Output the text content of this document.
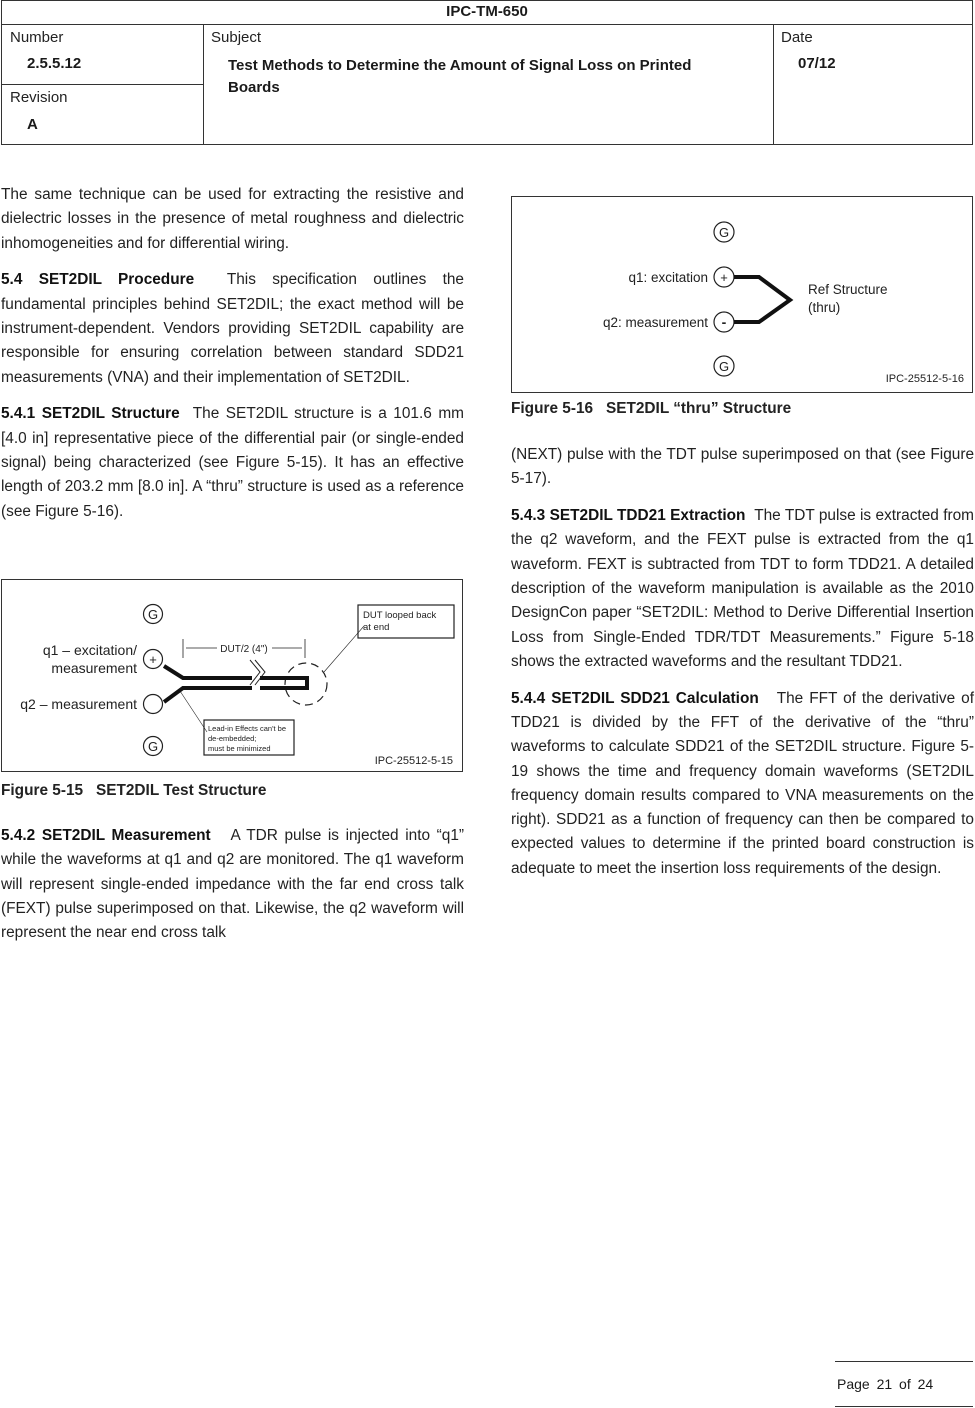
IPC-TM-650
Number
2.5.5.12
Revision
A
Subject
Test Methods to Determine the Amount of Signal Loss on Printed Boards
Date
07/12

The same technique can be used for extracting the resistive and dielectric losses in the presence of metal roughness and dielectric inhomogeneities and for differential wiring.

5.4 SET2DIL Procedure This specification outlines the fundamental principles behind SET2DIL; the exact method will be instrument-dependent. Vendors providing SET2DIL capability are responsible for ensuring correlation between standard SDD21 measurements (VNA) and their implementation of SET2DIL.

5.4.1 SET2DIL Structure The SET2DIL structure is a 101.6 mm [4.0 in] representative piece of the differential pair (or single-ended signal) being characterized (see Figure 5-15). It has an effective length of 203.2 mm [8.0 in]. A “thru” structure is used as a reference (see Figure 5-16).

G
+
G
q1 – excitation/
measurement
q2 – measurement
DUT/2 (4")
DUT looped back
at end
Lead-in Effects can't be
de-embedded;
must be minimized
IPC-25512-5-15
Figure 5-15 SET2DIL Test Structure

5.4.2 SET2DIL Measurement A TDR pulse is injected into “q1” while the waveforms at q1 and q2 are monitored. The q1 waveform will represent single-ended impedance with the far end cross talk (FEXT) pulse superimposed on that. Likewise, the q2 waveform will represent the near end cross talk

G
+
-
G
q1: excitation
q2: measurement
Ref Structure
(thru)
IPC-25512-5-16
Figure 5-16 SET2DIL “thru” Structure

(NEXT) pulse with the TDT pulse superimposed on that (see Figure 5-17).

5.4.3 SET2DIL TDD21 Extraction The TDT pulse is extracted from the q2 waveform, and the FEXT pulse is extracted from the q1 waveform. FEXT is subtracted from TDT to form TDD21. A detailed description of the waveform manipulation is available as the 2010 DesignCon paper “SET2DIL: Method to Derive Differential Insertion Loss from Single-Ended TDR/TDT Measurements.” Figure 5-18 shows the extracted waveforms and the resultant TDD21.

5.4.4 SET2DIL SDD21 Calculation The FFT of the derivative of TDD21 is divided by the FFT of the derivative of the “thru” waveforms to calculate SDD21 of the SET2DIL structure. Figure 5-19 shows the time and frequency domain waveforms (SET2DIL frequency domain results compared to VNA measurements on the right). SDD21 as a function of frequency can then be compared to expected values to determine if the printed board construction is adequate to meet the insertion loss requirements of the design.

Page 21 of 24
